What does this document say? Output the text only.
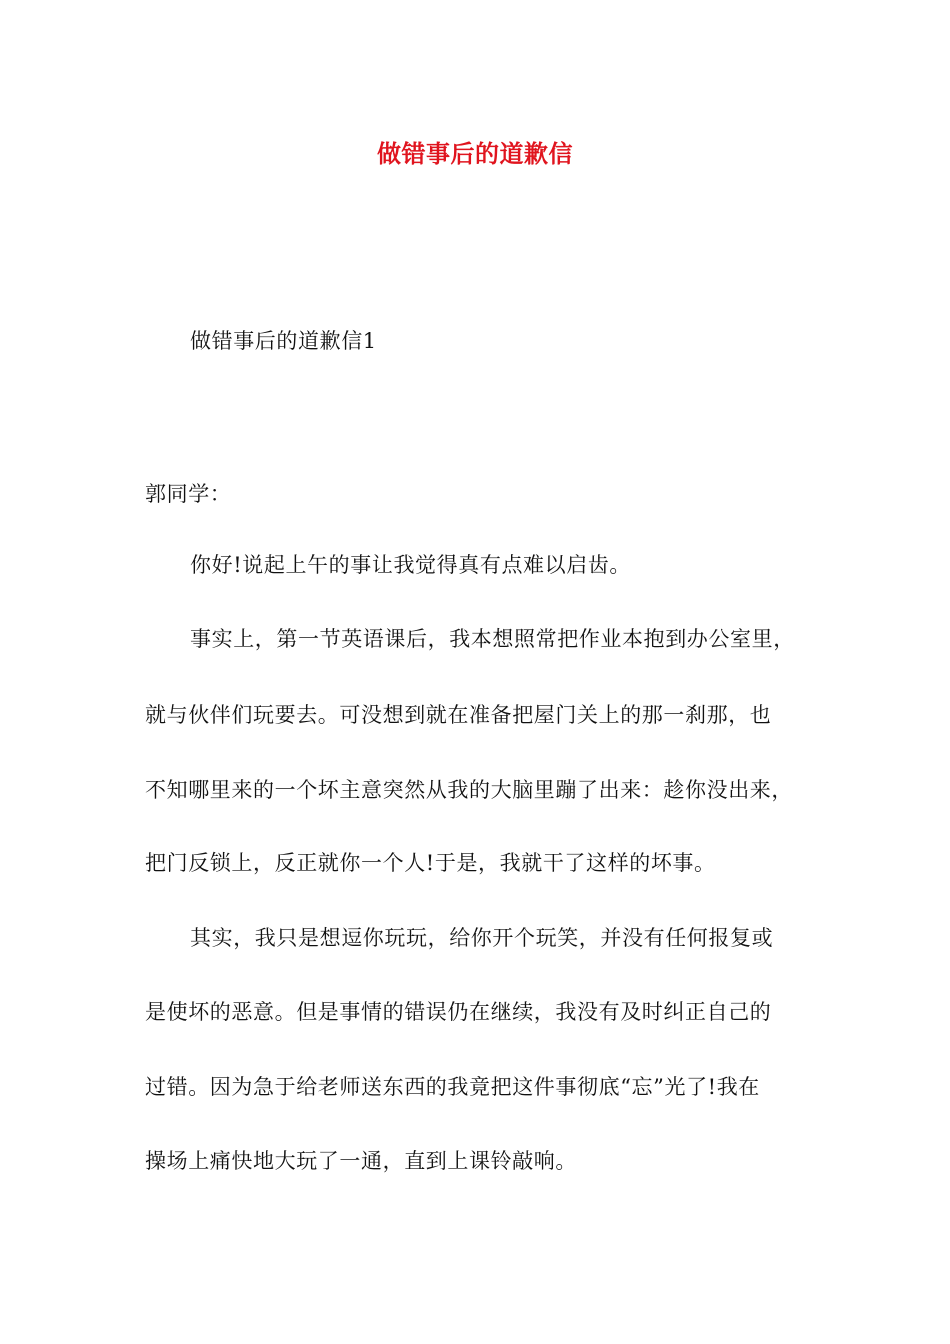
做错事后的道歉信
做错事后的道歉信1
郭同学：
你好!说起上午的事让我觉得真有点难以启齿。
事实上，第一节英语课后，我本想照常把作业本抱到办公室里，
就与伙伴们玩要去。可没想到就在准备把屋门关上的那一刹那，也
不知哪里来的一个坏主意突然从我的大脑里蹦了出来：趁你没出来，
把门反锁上，反正就你一个人!于是，我就干了这样的坏事。
其实，我只是想逗你玩玩，给你开个玩笑，并没有任何报复或
是使坏的恶意。但是事情的错误仍在继续，我没有及时纠正自己的
过错。因为急于给老师送东西的我竟把这件事彻底“忘”光了!我在
操场上痛快地大玩了一通，直到上课铃敲响。
